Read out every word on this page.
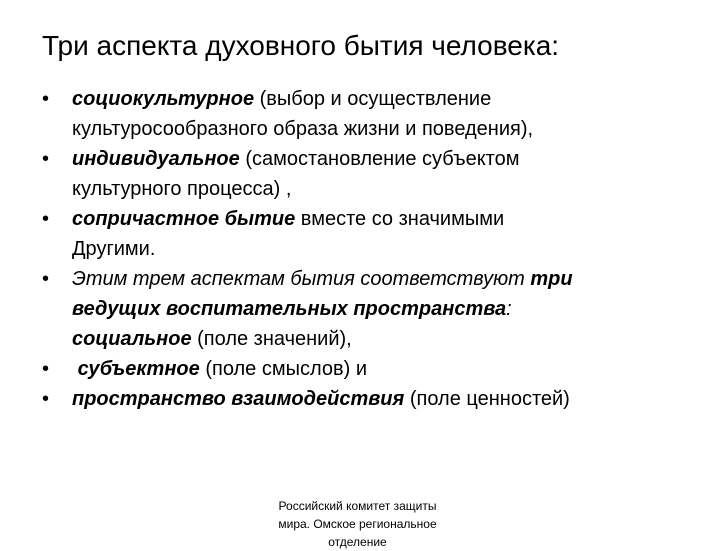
Три аспекта духовного бытия человека:
•	социокультурное (выбор и осуществление
культуросообразного образа жизни и поведения),
•	индивидуальное (самостановление субъектом
культурного процесса) ,
•	сопричастное бытие вместе со значимыми
Другими.
•	Этим трем аспектам бытия соответствуют три
ведущих воспитательных пространства:
социальное (поле значений),
•	субъектное (поле смыслов) и
•	пространство взаимодействия (поле ценностей)
Российский комитет защиты
мира. Омское региональное
отделение
